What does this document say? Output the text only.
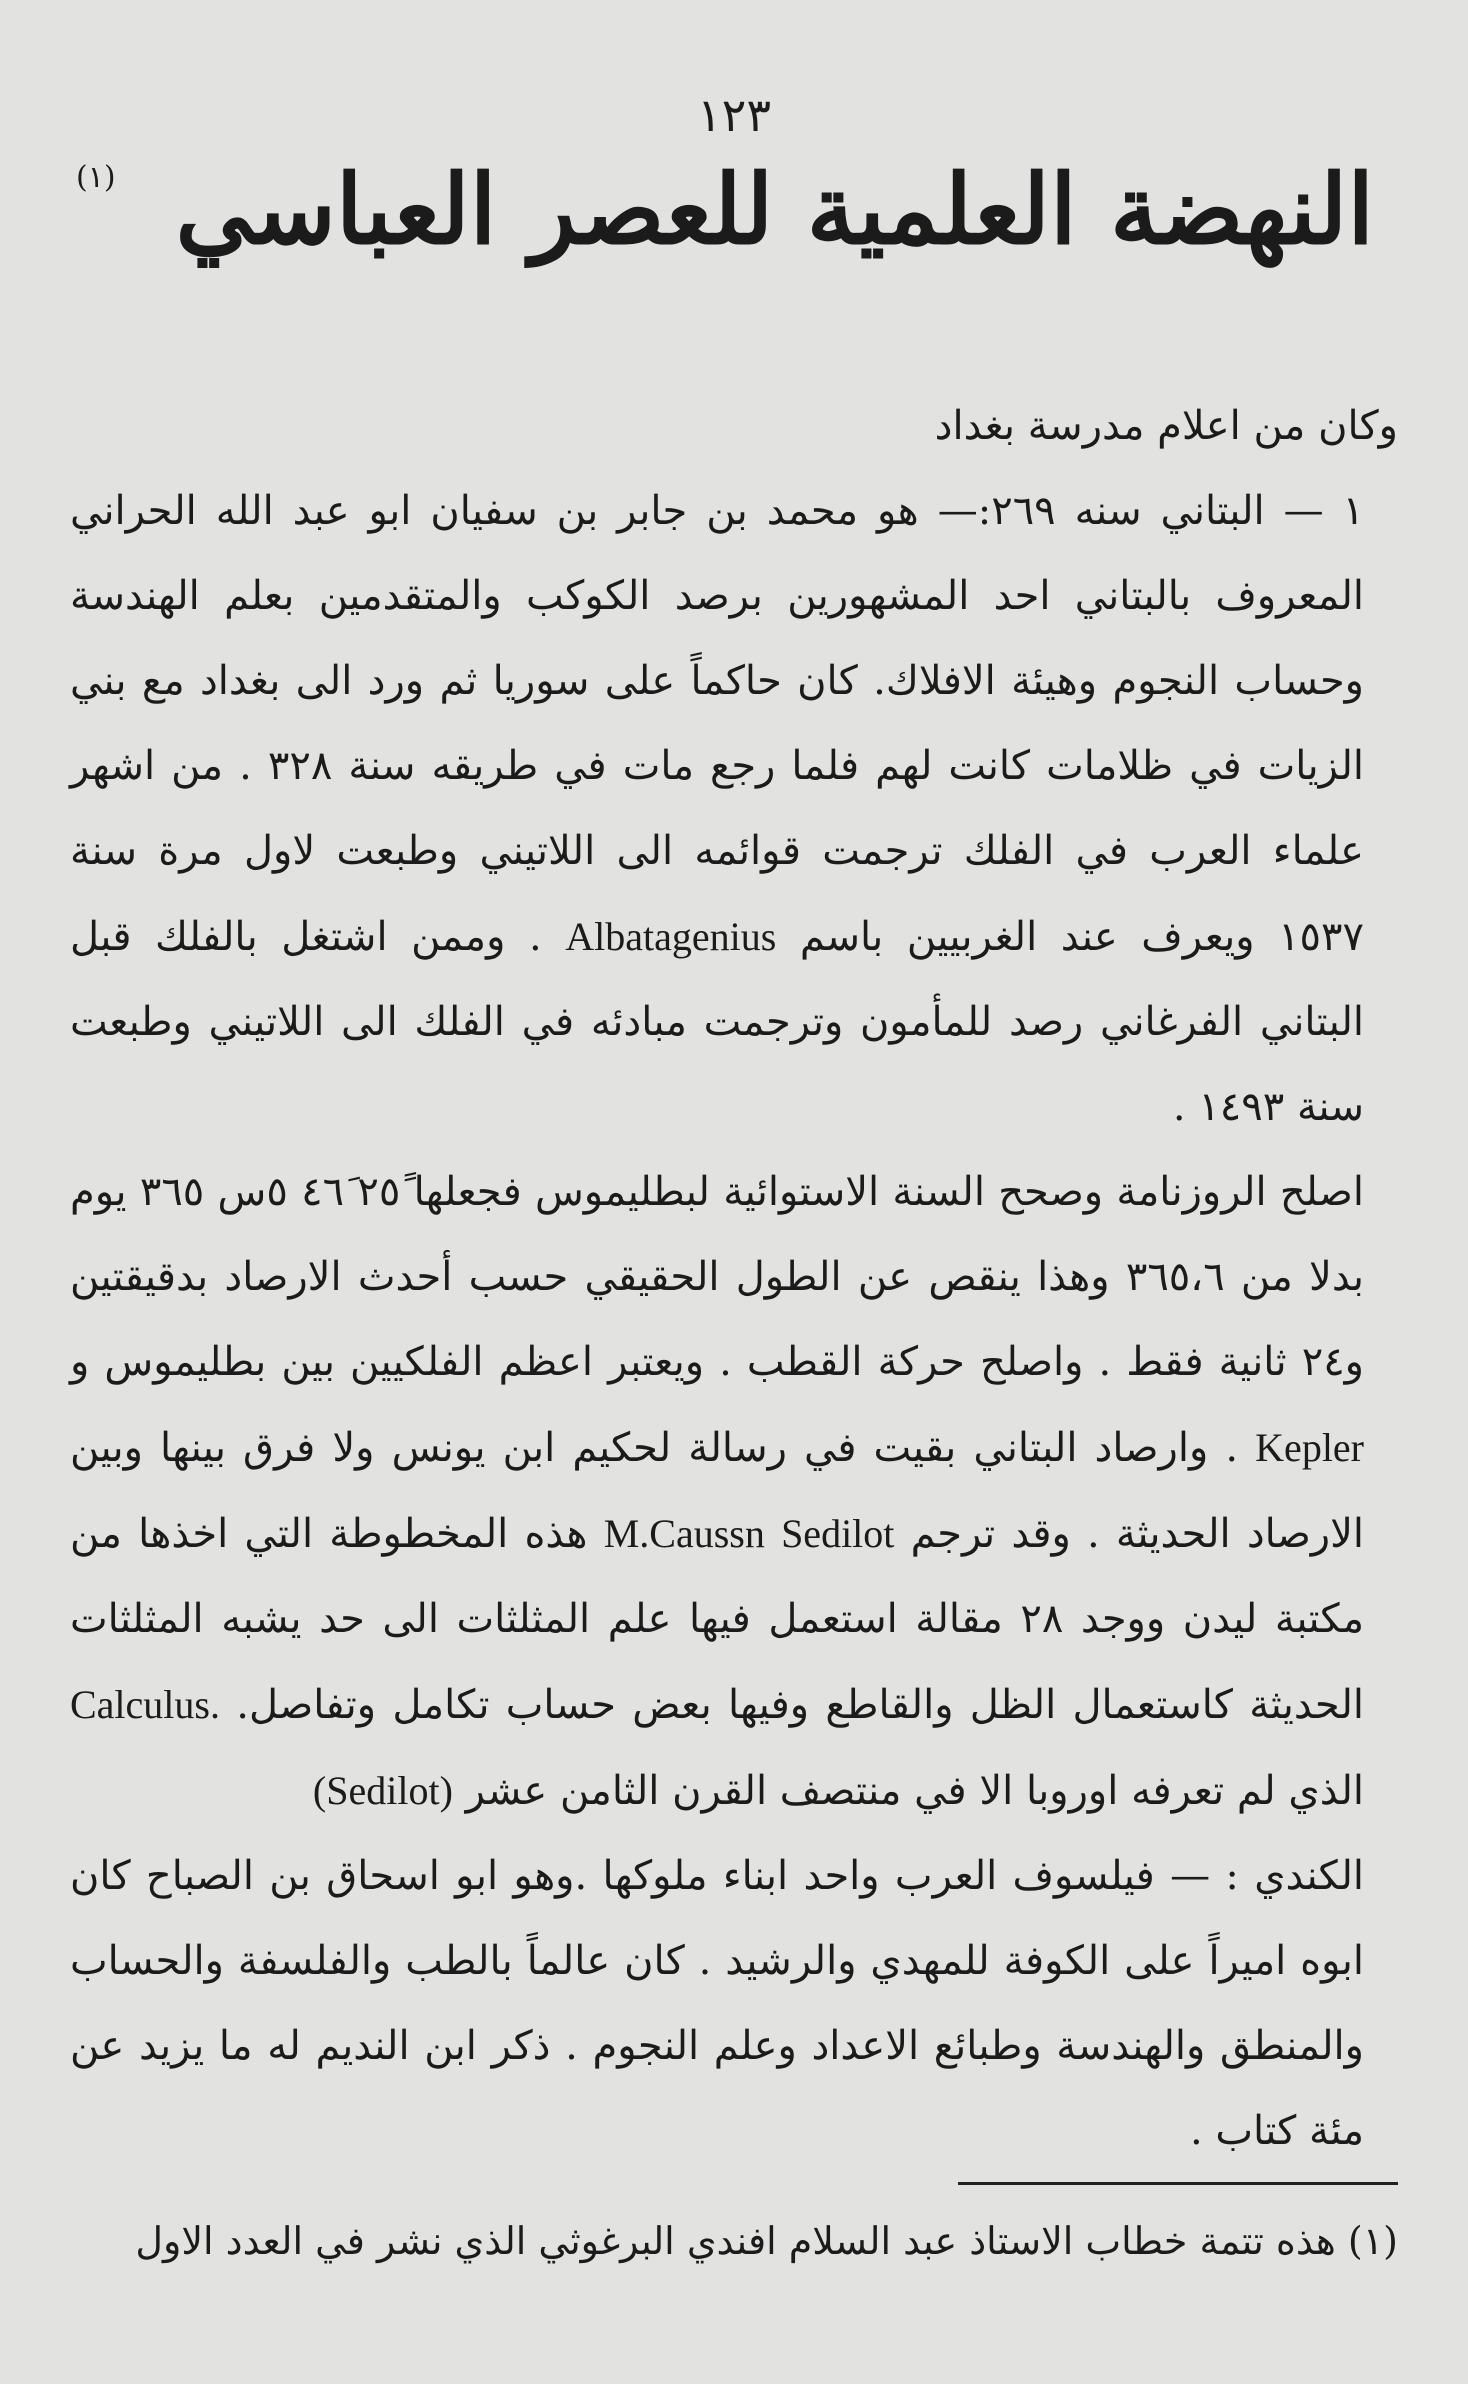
١٢٣
النهضة العلمية للعصر العباسي
(١)

وكان من اعلام مدرسة بغداد

١ — البتاني سنه ٢٦٩:— هو محمد بن جابر بن سفيان ابو عبد الله الحراني المعروف بالبتاني احد المشهورين برصد الكوكب والمتقدمين بعلم الهندسة وحساب النجوم وهيئة الافلاك. كان حاكماً على سوريا ثم ورد الى بغداد مع بني الزيات في ظلامات كانت لهم فلما رجع مات في طريقه سنة ٣٢٨ . من اشهر علماء العرب في الفلك ترجمت قوائمه الى اللاتيني وطبعت لاول مرة سنة ١٥٣٧ ويعرف عند الغربيين باسم Albatagenius . وممن اشتغل بالفلك قبل البتاني الفرغاني رصد للمأمون وترجمت مبادئه في الفلك الى اللاتيني وطبعت سنة ١٤٩٣ .

اصلح الروزنامة وصحح السنة الاستوائية لبطليموس فجعلها ٢٥ً ٤٦َ ٥س ٣٦٥ يوم بدلا من ٣٦٥،٦ وهذا ينقص عن الطول الحقيقي حسب أحدث الارصاد بدقيقتين و٢٤ ثانية فقط . واصلح حركة القطب . ويعتبر اعظم الفلكيين بين بطليموس و Kepler . وارصاد البتاني بقيت في رسالة لحكيم ابن يونس ولا فرق بينها وبين الارصاد الحديثة . وقد ترجم Sedilot M.Caussn هذه المخطوطة التي اخذها من مكتبة ليدن ووجد ٢٨ مقالة استعمل فيها علم المثلثات الى حد يشبه المثلثات الحديثة كاستعمال الظل والقاطع وفيها بعض حساب تكامل وتفاصل. Calculus. الذي لم تعرفه اوروبا الا في منتصف القرن الثامن عشر (Sedilot)

الكندي : — فيلسوف العرب واحد ابناء ملوكها .وهو ابو اسحاق بن الصباح كان ابوه اميراً على الكوفة للمهدي والرشيد . كان عالماً بالطب والفلسفة والحساب والمنطق والهندسة وطبائع الاعداد وعلم النجوم . ذكر ابن النديم له ما يزيد عن مئة كتاب .

(١) هذه تتمة خطاب الاستاذ عبد السلام افندي البرغوثي الذي نشر في العدد الاول
